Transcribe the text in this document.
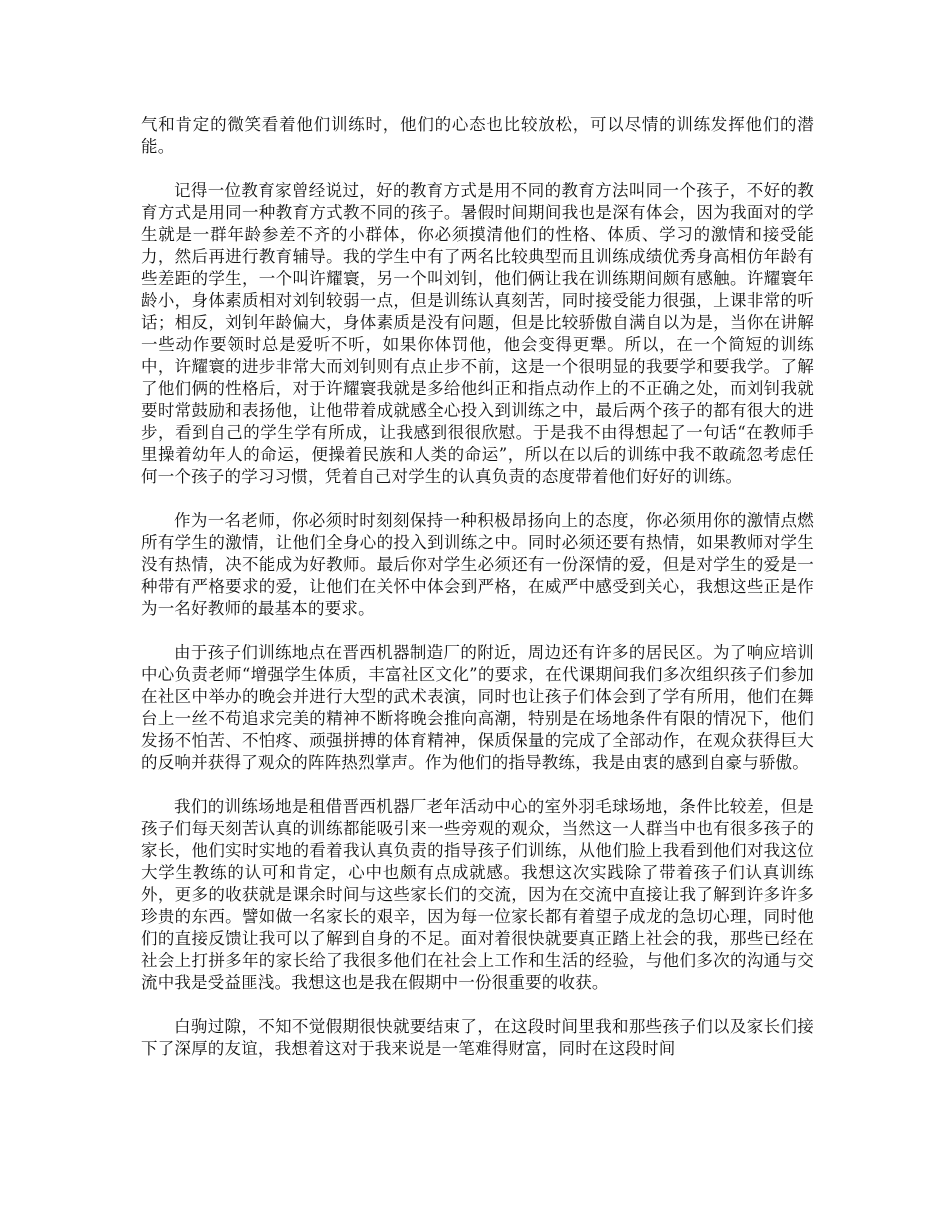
气和肯定的微笑看着他们训练时，他们的心态也比较放松，可以尽情的训练发挥他们的潜能。

记得一位教育家曾经说过，好的教育方式是用不同的教育方法叫同一个孩子，不好的教育方式是用同一种教育方式教不同的孩子。暑假时间期间我也是深有体会，因为我面对的学生就是一群年龄参差不齐的小群体，你必须摸清他们的性格、体质、学习的激情和接受能力，然后再进行教育辅导。我的学生中有了两名比较典型而且训练成绩优秀身高相仿年龄有些差距的学生，一个叫许耀寰，另一个叫刘钊，他们俩让我在训练期间颇有感触。许耀寰年龄小，身体素质相对刘钊较弱一点，但是训练认真刻苦，同时接受能力很强，上课非常的听话；相反，刘钊年龄偏大，身体素质是没有问题，但是比较骄傲自满自以为是，当你在讲解一些动作要领时总是爱听不听，如果你体罚他，他会变得更犟。所以，在一个简短的训练中，许耀寰的进步非常大而刘钊则有点止步不前，这是一个很明显的我要学和要我学。了解了他们俩的性格后，对于许耀寰我就是多给他纠正和指点动作上的不正确之处，而刘钊我就要时常鼓励和表扬他，让他带着成就感全心投入到训练之中，最后两个孩子的都有很大的进步，看到自己的学生学有所成，让我感到很很欣慰。于是我不由得想起了一句话“在教师手里操着幼年人的命运，便操着民族和人类的命运”，所以在以后的训练中我不敢疏忽考虑任何一个孩子的学习习惯，凭着自己对学生的认真负责的态度带着他们好好的训练。

作为一名老师，你必须时时刻刻保持一种积极昂扬向上的态度，你必须用你的激情点燃所有学生的激情，让他们全身心的投入到训练之中。同时必须还要有热情，如果教师对学生没有热情，决不能成为好教师。最后你对学生必须还有一份深情的爱，但是对学生的爱是一种带有严格要求的爱，让他们在关怀中体会到严格，在威严中感受到关心，我想这些正是作为一名好教师的最基本的要求。

由于孩子们训练地点在晋西机器制造厂的附近，周边还有许多的居民区。为了响应培训中心负责老师“增强学生体质，丰富社区文化”的要求，在代课期间我们多次组织孩子们参加在社区中举办的晚会并进行大型的武术表演，同时也让孩子们体会到了学有所用，他们在舞台上一丝不苟追求完美的精神不断将晚会推向高潮，特别是在场地条件有限的情况下，他们发扬不怕苦、不怕疼、顽强拼搏的体育精神，保质保量的完成了全部动作，在观众获得巨大的反响并获得了观众的阵阵热烈掌声。作为他们的指导教练，我是由衷的感到自豪与骄傲。

我们的训练场地是租借晋西机器厂老年活动中心的室外羽毛球场地，条件比较差，但是孩子们每天刻苦认真的训练都能吸引来一些旁观的观众，当然这一人群当中也有很多孩子的家长，他们实时实地的看着我认真负责的指导孩子们训练，从他们脸上我看到他们对我这位大学生教练的认可和肯定，心中也颇有点成就感。我想这次实践除了带着孩子们认真训练外，更多的收获就是课余时间与这些家长们的交流，因为在交流中直接让我了解到许多许多珍贵的东西。譬如做一名家长的艰辛，因为每一位家长都有着望子成龙的急切心理，同时他们的直接反馈让我可以了解到自身的不足。面对着很快就要真正踏上社会的我，那些已经在社会上打拼多年的家长给了我很多他们在社会上工作和生活的经验，与他们多次的沟通与交流中我是受益匪浅。我想这也是我在假期中一份很重要的收获。

白驹过隙，不知不觉假期很快就要结束了，在这段时间里我和那些孩子们以及家长们接下了深厚的友谊，我想着这对于我来说是一笔难得财富，同时在这段时间
